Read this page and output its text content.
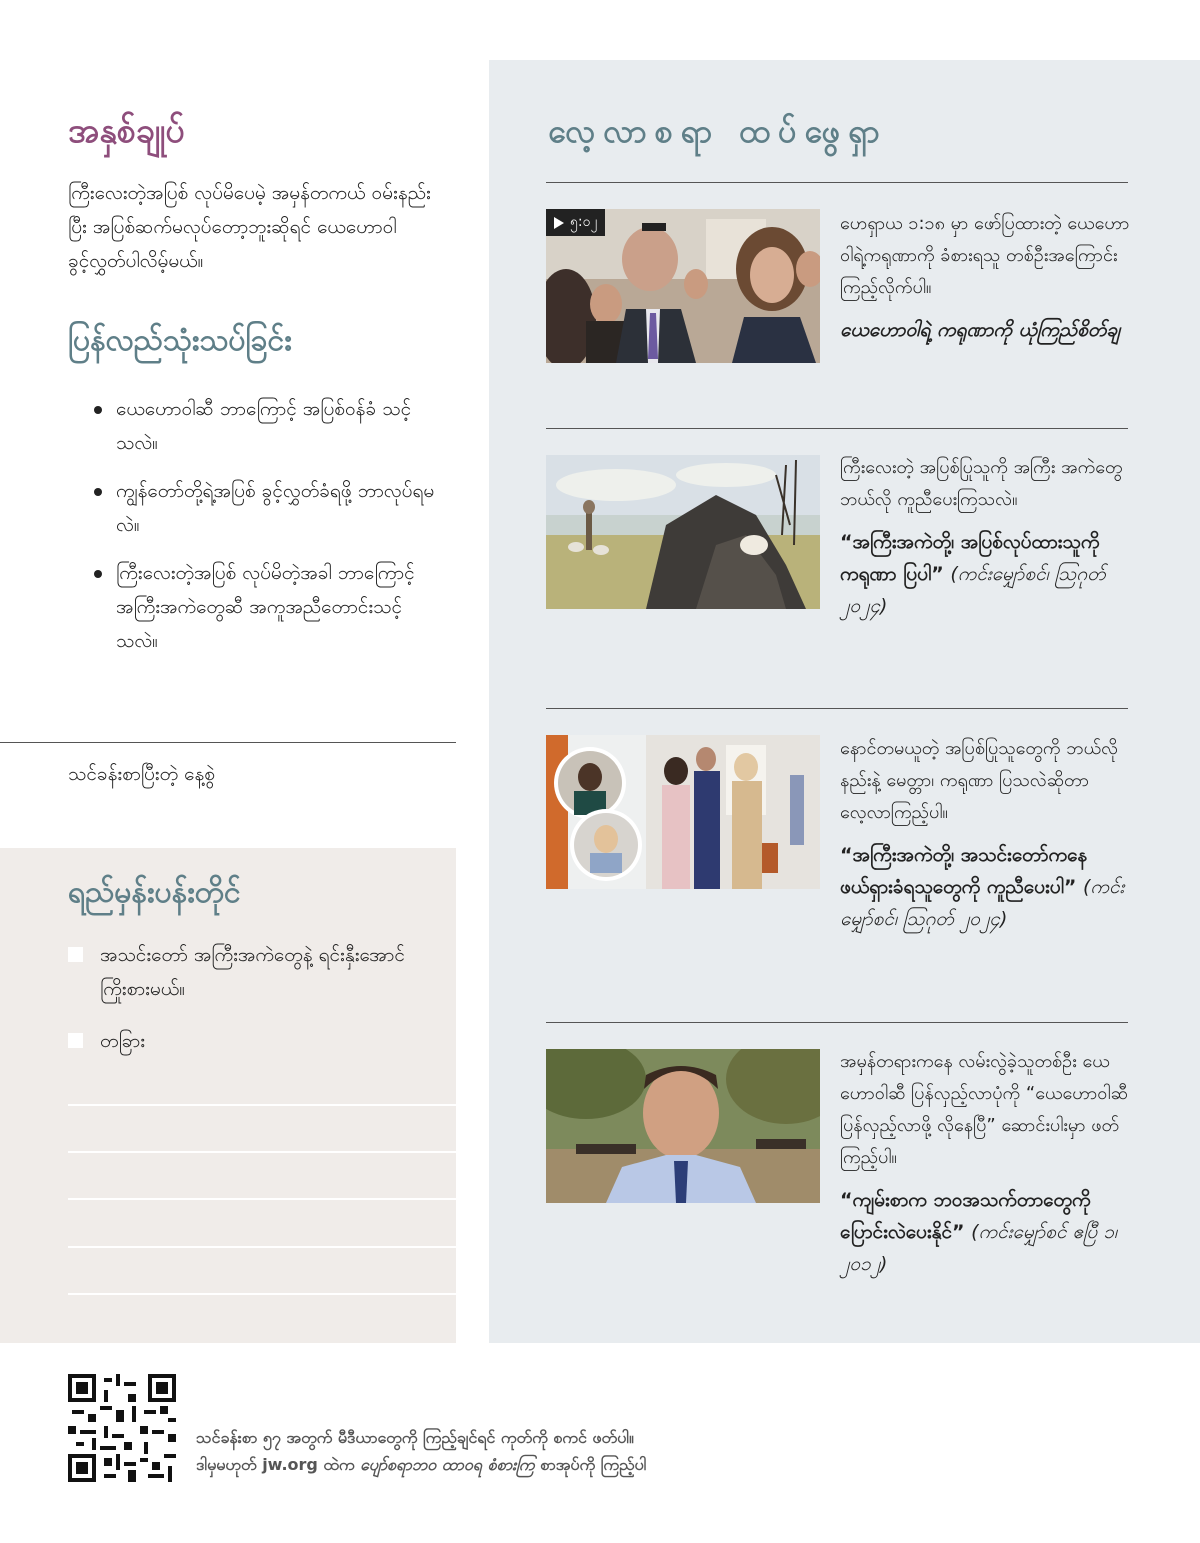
အနှစ်ချုပ်

ကြီးလေးတဲ့အပြစ် လုပ်မိပေမဲ့ အမှန်တကယ် ဝမ်းနည်းပြီး အပြစ်ဆက်မလုပ်တော့ဘူးဆိုရင် ယေဟောဝါ ခွင့်လွှတ်ပါလိမ့်မယ်။

ပြန်လည်သုံးသပ်ခြင်း
ယေဟောဝါဆီ ဘာကြောင့် အပြစ်ဝန်ခံ သင့်သလဲ။
ကျွန်တော်တို့ရဲ့အပြစ် ခွင့်လွှတ်ခံရဖို့ ဘာလုပ်ရမလဲ။
ကြီးလေးတဲ့အပြစ် လုပ်မိတဲ့အခါ ဘာကြောင့် အကြီးအကဲတွေဆီ အကူအညီတောင်းသင့်သလဲ။
သင်ခန်းစာပြီးတဲ့ နေ့စွဲ
ရည်မှန်းပန်းတိုင်
အသင်းတော် အကြီးအကဲတွေနဲ့ ရင်းနှီးအောင် ကြိုးစားမယ်။
တခြား
လေ့လာစရာ ထပ်ဖွေရှာ
၅:၀၂	ဟေရှာယ ၁:၁၈ မှာ ဖော်ပြထားတဲ့ ယေဟောဝါရဲ့ကရုဏာကို ခံစားရသူ တစ်ဦးအကြောင်း ကြည့်လိုက်ပါ။
ယေဟောဝါရဲ့ ကရုဏာကို ယုံကြည်စိတ်ချ
ကြီးလေးတဲ့ အပြစ်ပြုသူကို အကြီး အကဲတွေ ဘယ်လို ကူညီပေးကြသလဲ။
“အကြီးအကဲတို့၊ အပြစ်လုပ်ထားသူကို ကရုဏာ ပြပါ” (ကင်းမျှော်စင်၊ ဩဂုတ် ၂၀၂၄)
နောင်တမယူတဲ့ အပြစ်ပြုသူတွေကို ဘယ်လိုနည်းနဲ့ မေတ္တာ၊ ကရုဏာ ပြသလဲဆိုတာ လေ့လာကြည့်ပါ။
“အကြီးအကဲတို့၊ အသင်းတော်ကနေ ဖယ်ရှားခံရသူတွေကို ကူညီပေးပါ” (ကင်းမျှော်စင်၊ ဩဂုတ် ၂၀၂၄)
အမှန်တရားကနေ လမ်းလွဲခဲ့သူတစ်ဦး ယေဟောဝါဆီ ပြန်လှည့်လာပုံကို “ယေဟောဝါဆီ ပြန်လှည့်လာဖို့ လိုနေပြီ” ဆောင်းပါးမှာ ဖတ်ကြည့်ပါ။
“ကျမ်းစာက ဘဝအသက်တာတွေကို ပြောင်းလဲပေးနိုင်” (ကင်းမျှော်စင် ဧပြီ ၁၊ ၂၀၁၂)
သင်ခန်းစာ ၅၇ အတွက် မီဒီယာတွေကို ကြည့်ချင်ရင် ကုတ်ကို စကင် ဖတ်ပါ။
ဒါမှမဟုတ် jw.org ထဲက ပျော်စရာဘဝ ထာဝရ စံစားကြ စာအုပ်ကို ကြည့်ပါ
